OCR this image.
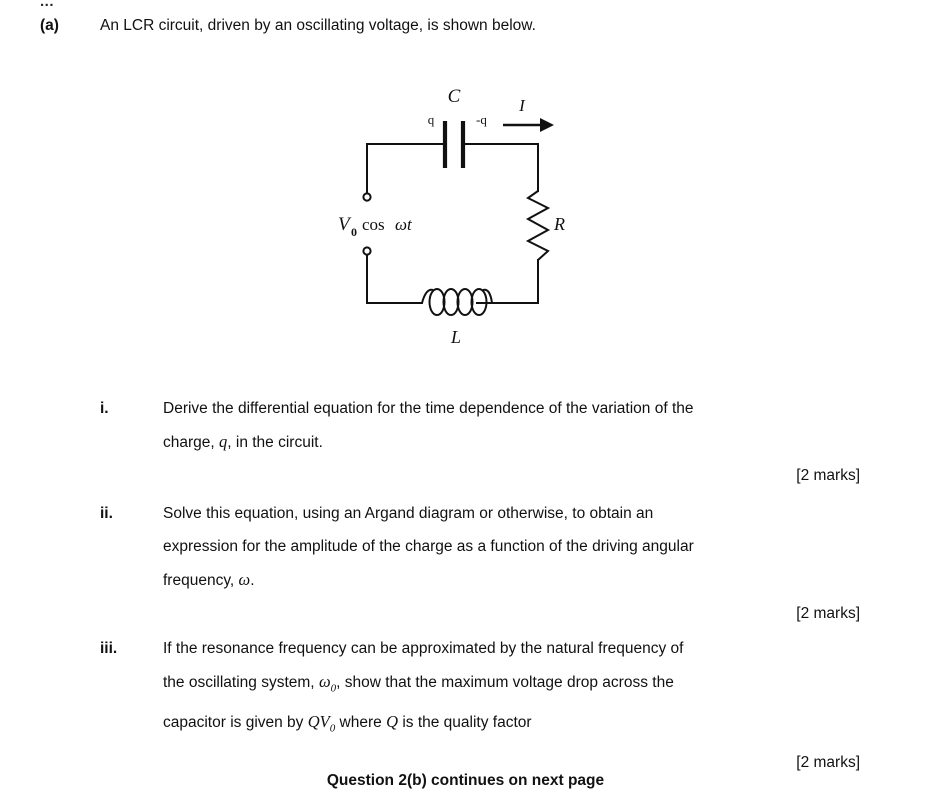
...
(a)	An LCR circuit, driven by an oscillating voltage, is shown below.
C
q	-q
I
R
L
V 0 cos ωt
i.	Derive the differential equation for the time dependence of the variation of the
charge, q, in the circuit.
[2 marks]
ii.	Solve this equation, using an Argand diagram or otherwise, to obtain an
expression for the amplitude of the charge as a function of the driving angular
frequency, ω.
[2 marks]
iii.	If the resonance frequency can be approximated by the natural frequency of
the oscillating system, $\omega_0$, show that the maximum voltage drop across the
capacitor is given by $QV_0$ where Q is the quality factor
[2 marks]
Question 2(b) continues on next page
